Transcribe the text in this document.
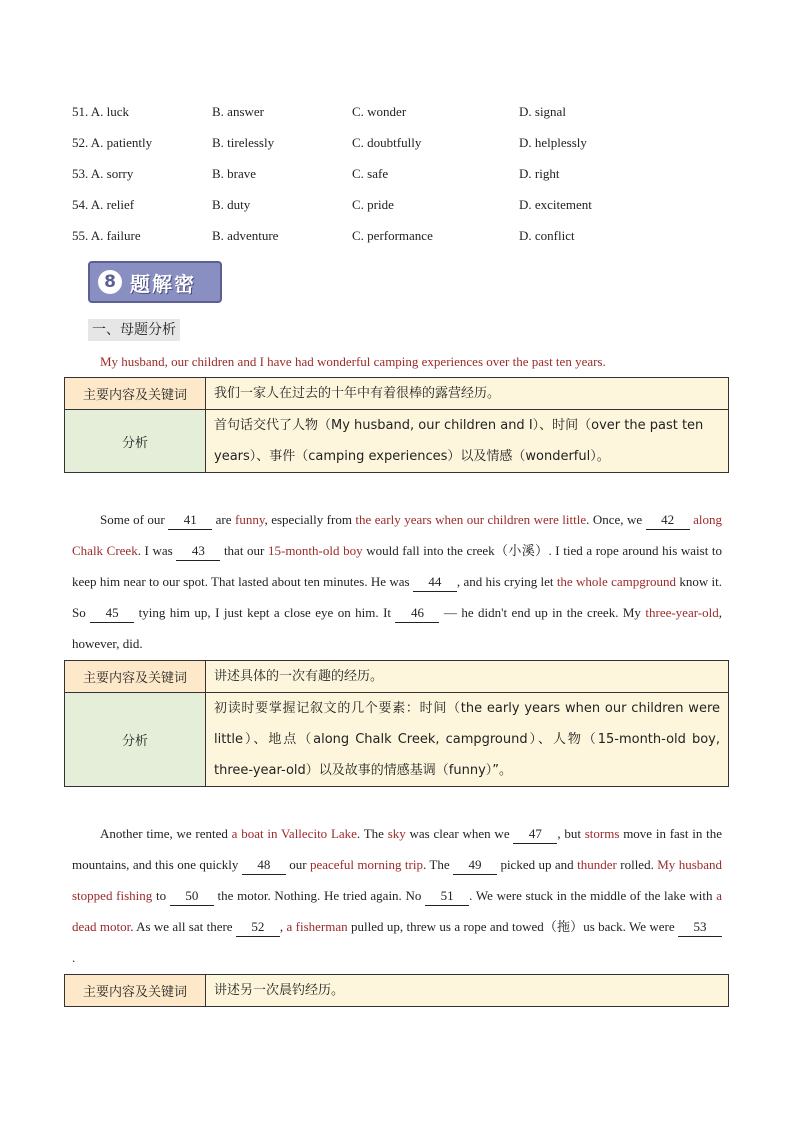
51. A. luck	B. answer	C. wonder	D. signal
52. A. patiently	B. tirelessly	C. doubtfully	D. helplessly
53. A. sorry	B. brave	C. safe	D. right
54. A. relief	B. duty	C. pride	D. excitement
55. A. failure	B. adventure	C. performance	D. conflict
8 题解密
一、母题分析
My husband, our children and I have had wonderful camping experiences over the past ten years.
主要内容及关键词	我们一家人在过去的十年中有着很棒的露营经历。
分析	首句话交代了人物（My husband, our children and I）、时间（over the past ten years）、事件（camping experiences）以及情感（wonderful）。
Some of our 41 are funny, especially from the early years when our children were little. Once, we 42 along Chalk Creek. I was 43 that our 15-month-old boy would fall into the creek（小溪）. I tied a rope around his waist to keep him near to our spot. That lasted about ten minutes. He was 44 , and his crying let the whole campground know it. So 45 tying him up, I just kept a close eye on him. It 46 — he didn't end up in the creek. My three-year-old, however, did.
主要内容及关键词	讲述具体的一次有趣的经历。
分析	初读时要掌握记叙文的几个要素：时间（the early years when our children were little）、地点（along Chalk Creek, campground）、人物（15-month-old boy, three-year-old）以及故事的情感基调（funny）”。
Another time, we rented a boat in Vallecito Lake. The sky was clear when we 47 , but storms move in fast in the mountains, and this one quickly 48 our peaceful morning trip. The 49 picked up and thunder rolled. My husband stopped fishing to 50 the motor. Nothing. He tried again. No 51 . We were stuck in the middle of the lake with a dead motor. As we all sat there 52 , a fisherman pulled up, threw us a rope and towed（拖）us back. We were 53.
主要内容及关键词	讲述另一次晨钓经历。
